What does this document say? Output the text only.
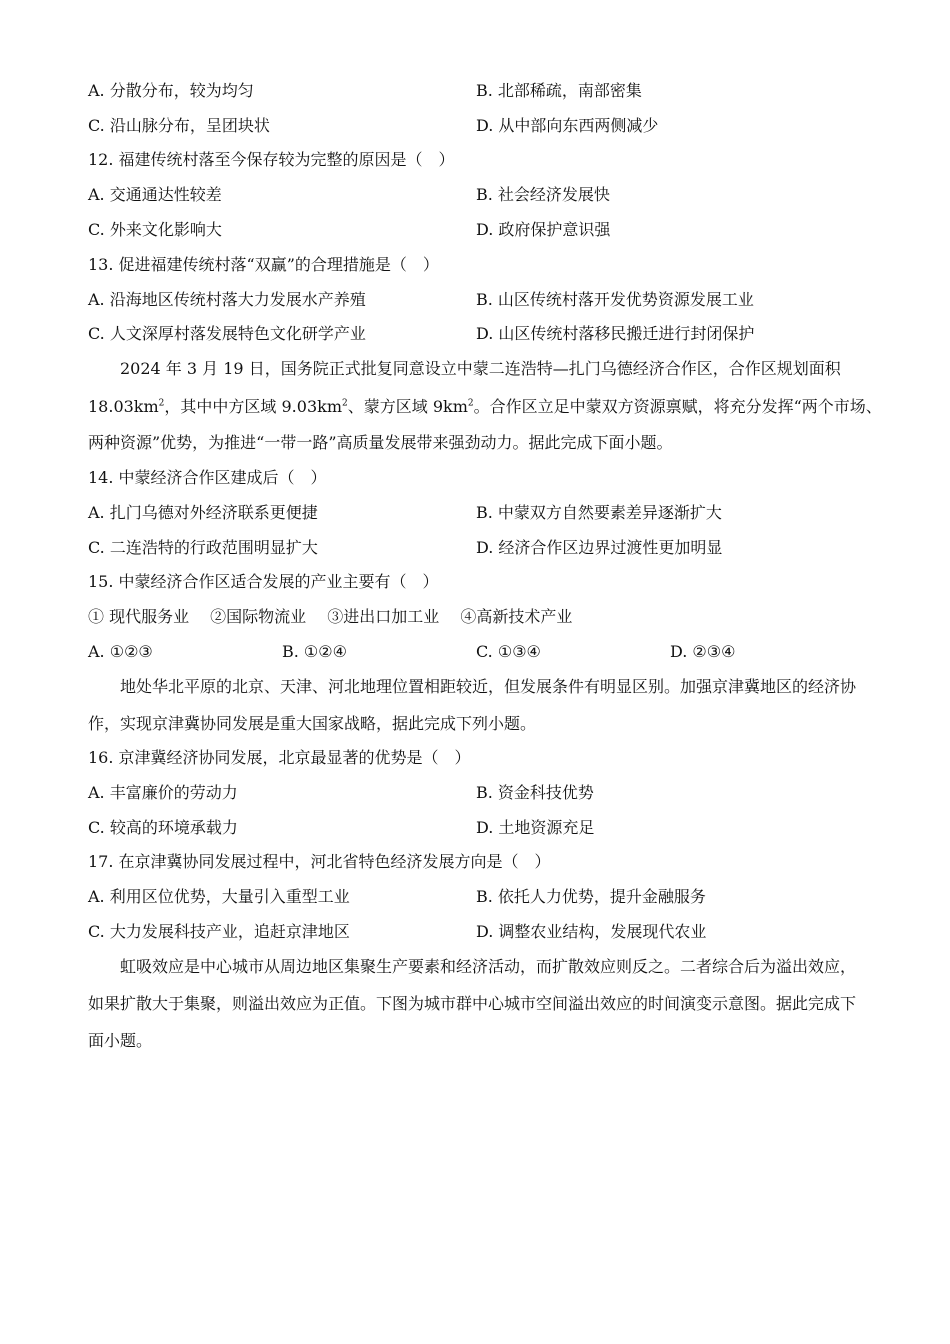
A. 分散分布，较为均匀	B. 北部稀疏，南部密集
C. 沿山脉分布，呈团块状	D. 从中部向东西两侧减少
12. 福建传统村落至今保存较为完整的原因是（　）
A. 交通通达性较差	B. 社会经济发展快
C. 外来文化影响大	D. 政府保护意识强
13. 促进福建传统村落“双赢”的合理措施是（　）
A. 沿海地区传统村落大力发展水产养殖	B. 山区传统村落开发优势资源发展工业
C. 人文深厚村落发展特色文化研学产业	D. 山区传统村落移民搬迁进行封闭保护
2024 年 3 月 19 日，国务院正式批复同意设立中蒙二连浩特—扎门乌德经济合作区，合作区规划面积
$18.03km^2$，其中中方区域 $9.03km^2$、蒙方区域 $9km^2$。合作区立足中蒙双方资源禀赋，将充分发挥“两个市场、
两种资源”优势，为推进“一带一路”高质量发展带来强劲动力。据此完成下面小题。
14. 中蒙经济合作区建成后（　）
A. 扎门乌德对外经济联系更便捷	B. 中蒙双方自然要素差异逐渐扩大
C. 二连浩特的行政范围明显扩大	D. 经济合作区边界过渡性更加明显
15. 中蒙经济合作区适合发展的产业主要有（　）
① 现代服务业　 ②国际物流业　 ③进出口加工业　 ④高新技术产业
A. ①②③	B. ①②④	C. ①③④	D. ②③④

地处华北平原的北京、天津、河北地理位置相距较近，但发展条件有明显区别。加强京津冀地区的经济协作，实现京津冀协同发展是重大国家战略，据此完成下列小题。

16. 京津冀经济协同发展，北京最显著的优势是（　）
A. 丰富廉价的劳动力	B. 资金科技优势
C. 较高的环境承载力	D. 土地资源充足
17. 在京津冀协同发展过程中，河北省特色经济发展方向是（　）
A. 利用区位优势，大量引入重型工业	B. 依托人力优势，提升金融服务
C. 大力发展科技产业，追赶京津地区	D. 调整农业结构，发展现代农业

虹吸效应是中心城市从周边地区集聚生产要素和经济活动，而扩散效应则反之。二者综合后为溢出效应，如果扩散大于集聚，则溢出效应为正值。下图为城市群中心城市空间溢出效应的时间演变示意图。据此完成下面小题。
